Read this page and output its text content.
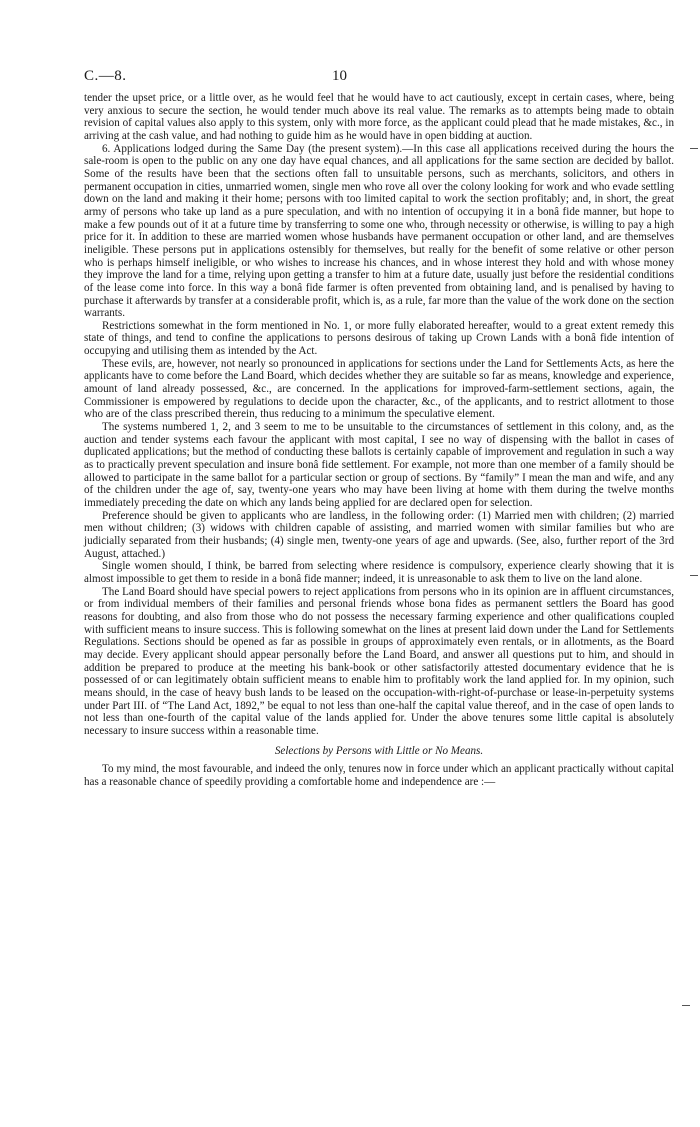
C.—8.	10

tender the upset price, or a little over, as he would feel that he would have to act cautiously, except in certain cases, where, being very anxious to secure the section, he would tender much above its real value. The remarks as to attempts being made to obtain revision of capital values also apply to this system, only with more force, as the applicant could plead that he made mistakes, &c., in arriving at the cash value, and had nothing to guide him as he would have in open bidding at auction.

6. Applications lodged during the Same Day (the present system).—In this case all applications received during the hours the sale-room is open to the public on any one day have equal chances, and all applications for the same section are decided by ballot. Some of the results have been that the sections often fall to unsuitable persons, such as merchants, solicitors, and others in permanent occupation in cities, unmarried women, single men who rove all over the colony looking for work and who evade settling down on the land and making it their home; persons with too limited capital to work the section profitably; and, in short, the great army of persons who take up land as a pure speculation, and with no intention of occupying it in a bonâ fide manner, but hope to make a few pounds out of it at a future time by transferring to some one who, through necessity or otherwise, is willing to pay a high price for it. In addition to these are married women whose husbands have permanent occupation or other land, and are themselves ineligible. These persons put in applications ostensibly for themselves, but really for the benefit of some relative or other person who is perhaps himself ineligible, or who wishes to increase his chances, and in whose interest they hold and with whose money they improve the land for a time, relying upon getting a transfer to him at a future date, usually just before the residential conditions of the lease come into force. In this way a bonâ fide farmer is often prevented from obtaining land, and is penalised by having to purchase it afterwards by transfer at a considerable profit, which is, as a rule, far more than the value of the work done on the section warrants.

Restrictions somewhat in the form mentioned in No. 1, or more fully elaborated hereafter, would to a great extent remedy this state of things, and tend to confine the applications to persons desirous of taking up Crown Lands with a bonâ fide intention of occupying and utilising them as intended by the Act.

These evils, are, however, not nearly so pronounced in applications for sections under the Land for Settlements Acts, as here the applicants have to come before the Land Board, which decides whether they are suitable so far as means, knowledge and experience, amount of land already possessed, &c., are concerned. In the applications for improved-farm-settlement sections, again, the Commissioner is empowered by regulations to decide upon the character, &c., of the applicants, and to restrict allotment to those who are of the class prescribed therein, thus reducing to a minimum the speculative element.

The systems numbered 1, 2, and 3 seem to me to be unsuitable to the circumstances of settlement in this colony, and, as the auction and tender systems each favour the applicant with most capital, I see no way of dispensing with the ballot in cases of duplicated applications; but the method of conducting these ballots is certainly capable of improvement and regulation in such a way as to practically prevent speculation and insure bonâ fide settlement. For example, not more than one member of a family should be allowed to participate in the same ballot for a particular section or group of sections. By “family” I mean the man and wife, and any of the children under the age of, say, twenty-one years who may have been living at home with them during the twelve months immediately preceding the date on which any lands being applied for are declared open for selection.

Preference should be given to applicants who are landless, in the following order: (1) Married men with children; (2) married men without children; (3) widows with children capable of assisting, and married women with similar families but who are judicially separated from their husbands; (4) single men, twenty-one years of age and upwards. (See, also, further report of the 3rd August, attached.)

Single women should, I think, be barred from selecting where residence is compulsory, experience clearly showing that it is almost impossible to get them to reside in a bonâ fide manner; indeed, it is unreasonable to ask them to live on the land alone.

The Land Board should have special powers to reject applications from persons who in its opinion are in affluent circumstances, or from individual members of their families and personal friends whose bona fides as permanent settlers the Board has good reasons for doubting, and also from those who do not possess the necessary farming experience and other qualifications coupled with sufficient means to insure success. This is following somewhat on the lines at present laid down under the Land for Settlements Regulations. Sections should be opened as far as possible in groups of approximately even rentals, or in allotments, as the Board may decide. Every applicant should appear personally before the Land Board, and answer all questions put to him, and should in addition be prepared to produce at the meeting his bank-book or other satisfactorily attested documentary evidence that he is possessed of or can legitimately obtain sufficient means to enable him to profitably work the land applied for. In my opinion, such means should, in the case of heavy bush lands to be leased on the occupation-with-right-of-purchase or lease-in-perpetuity systems under Part III. of “The Land Act, 1892,” be equal to not less than one-half the capital value thereof, and in the case of open lands to not less than one-fourth of the capital value of the lands applied for. Under the above tenures some little capital is absolutely necessary to insure success within a reasonable time.

Selections by Persons with Little or No Means.

To my mind, the most favourable, and indeed the only, tenures now in force under which an applicant practically without capital has a reasonable chance of speedily providing a comfortable home and independence are :—
